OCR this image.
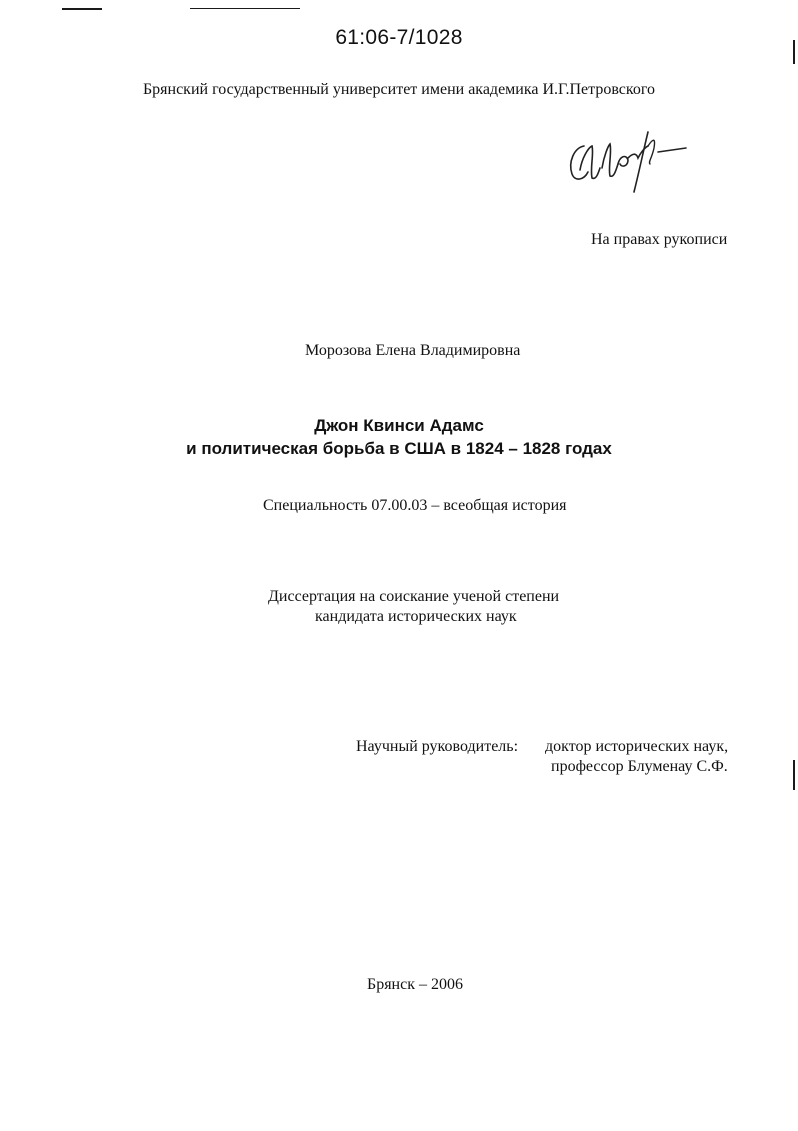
61:06-7/1028
Брянский государственный университет имени академика И.Г.Петровского
На правах рукописи
Морозова Елена Владимировна
Джон Квинси Адамс
и политическая борьба в США в 1824 – 1828 годах
Специальность 07.00.03 – всеобщая история
Диссертация на соискание ученой степени
кандидата исторических наук
Научный руководитель: доктор исторических наук,
профессор Блуменау С.Ф.
Брянск – 2006
